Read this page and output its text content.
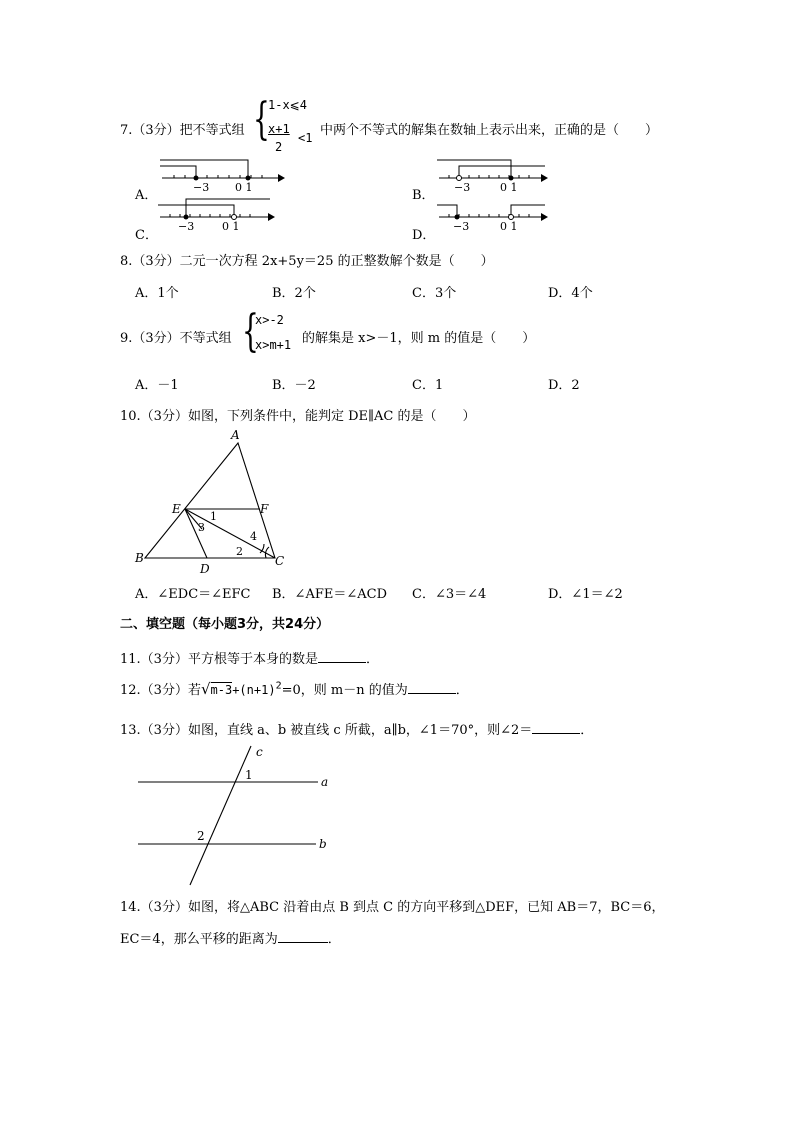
7.（3分）把不等式组 {
1-x⩽4
x+1
2
<1 中两个不等式的解集在数轴上表示出来，正确的是（　　）
A．	B．
C．	D．
−3 0 1	−3	0 1
−3	0 1	−3	0 1
8.（3分）二元一次方程 2x+5y＝25 的正整数解个数是（　　）
A．1个	B．2个	C．3个	D．4个
9.（3分）不等式组 {
x>-2
x>m+1 的解集是 x>－1，则 m 的值是（　　）
A．－1	B．－2	C．1	D．2
10.（3分）如图，下列条件中，能判定 DE∥AC 的是（　　）
A
B	C
D
E	F
1
2
3
4
A．∠EDC＝∠EFC B．∠AFE＝∠ACD C．∠3＝∠4	D．∠1＝∠2
二、填空题（每小题3分，共24分）
11.（3分）平方根等于本身的数是	．
12.（3分）若$√m-3+(n+1)^2=0$，则 m－n 的值为	．
13.（3分）如图，直线 a、b 被直线 c 所截，a∥b，∠1＝70°，则∠2＝	．
c
a
b
1
2
14.（3分）如图，将△ABC 沿着由点 B 到点 C 的方向平移到△DEF，已知 AB＝7，BC＝6，
EC＝4，那么平移的距离为	．
